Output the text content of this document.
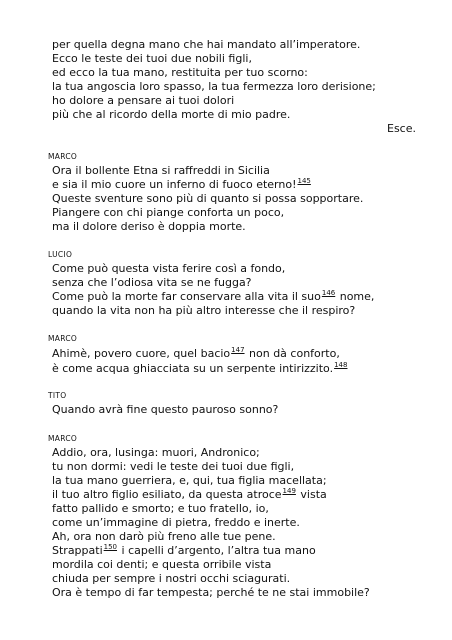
per quella degna mano che hai mandato all’imperatore.
Ecco le teste dei tuoi due nobili figli,
ed ecco la tua mano, restituita per tuo scorno:
la tua angoscia loro spasso, la tua fermezza loro derisione;
ho dolore a pensare ai tuoi dolori
più che al ricordo della morte di mio padre.
Esce.
MARCO
Ora il bollente Etna si raffreddi in Sicilia
e sia il mio cuore un inferno di fuoco eterno!$^{145}$
Queste sventure sono più di quanto si possa sopportare.
Piangere con chi piange conforta un poco,
ma il dolore deriso è doppia morte.
LUCIO
Come può questa vista ferire così a fondo,
senza che l’odiosa vita se ne fugga?
Come può la morte far conservare alla vita il suo$^{146}$ nome,
quando la vita non ha più altro interesse che il respiro?
MARCO
Ahimè, povero cuore, quel bacio$^{147}$ non dà conforto,
è come acqua ghiacciata su un serpente intirizzito.$^{148}$
TITO
Quando avrà fine questo pauroso sonno?
MARCO
Addio, ora, lusinga: muori, Andronico;
tu non dormi: vedi le teste dei tuoi due figli,
la tua mano guerriera, e, qui, tua figlia macellata;
il tuo altro figlio esiliato, da questa atroce$^{149}$ vista
fatto pallido e smorto; e tuo fratello, io,
come un’immagine di pietra, freddo e inerte.
Ah, ora non darò più freno alle tue pene.
Strappati$^{150}$ i capelli d’argento, l’altra tua mano
mordila coi denti; e questa orribile vista
chiuda per sempre i nostri occhi sciagurati.
Ora è tempo di far tempesta; perché te ne stai immobile?
